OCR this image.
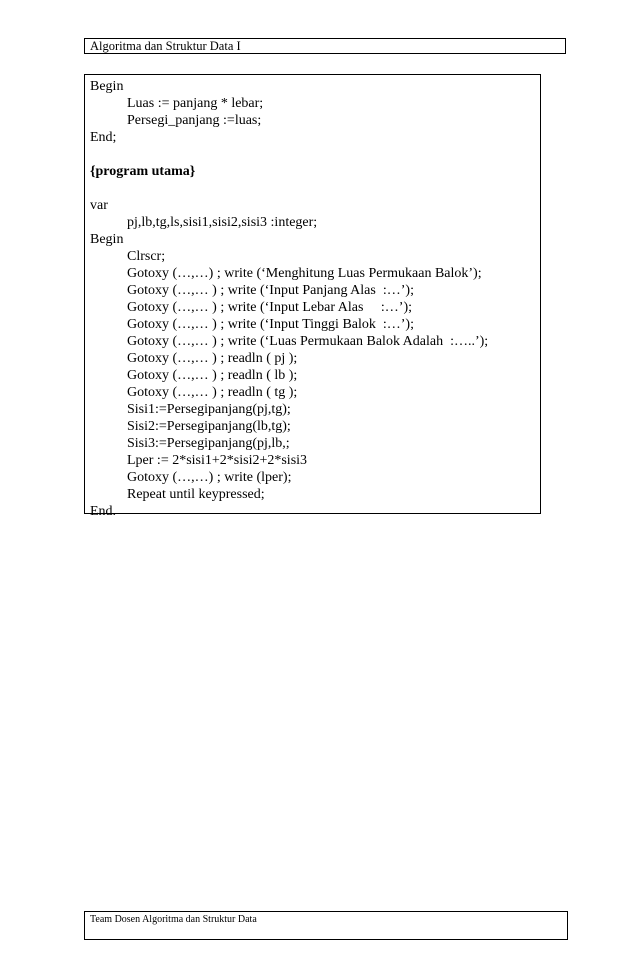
Algoritma dan Struktur Data I
Begin
Luas := panjang * lebar;
Persegi_panjang :=luas;
End;
{program utama}
var
pj,lb,tg,ls,sisi1,sisi2,sisi3 :integer;
Begin
Clrscr;
Gotoxy (…,…) ; write (‘Menghitung Luas Permukaan Balok’);
Gotoxy (…,… ) ; write (‘Input Panjang Alas  :…’);
Gotoxy (…,… ) ; write (‘Input Lebar Alas     :…’);
Gotoxy (…,… ) ; write (‘Input Tinggi Balok  :…’);
Gotoxy (…,… ) ; write (‘Luas Permukaan Balok Adalah  :…..’);
Gotoxy (…,… ) ; readln ( pj );
Gotoxy (…,… ) ; readln ( lb );
Gotoxy (…,… ) ; readln ( tg );
Sisi1:=Persegipanjang(pj,tg);
Sisi2:=Persegipanjang(lb,tg);
Sisi3:=Persegipanjang(pj,lb,;
Lper := 2*sisi1+2*sisi2+2*sisi3
Gotoxy (…,…) ; write (lper);
Repeat until keypressed;
End.
Team Dosen Algoritma dan Struktur Data
